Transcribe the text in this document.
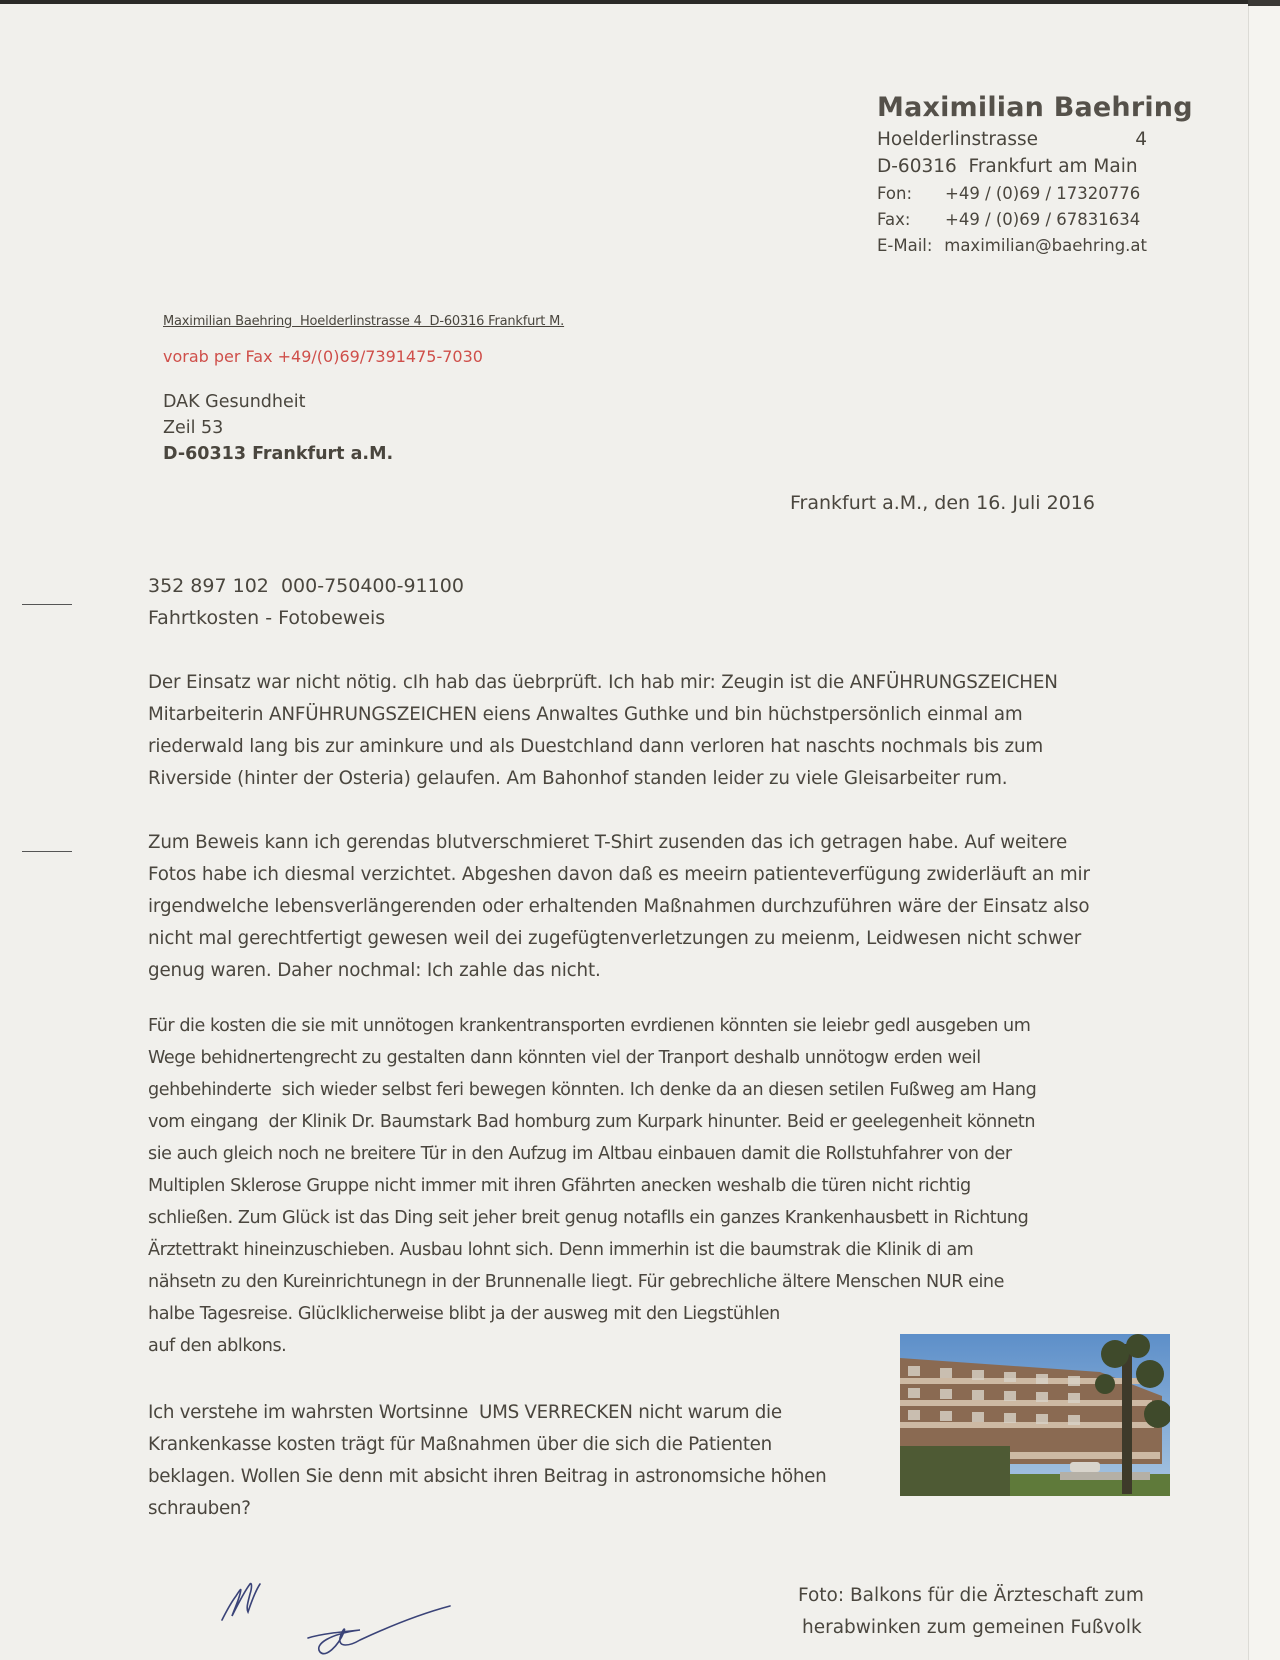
Maximilian Baehring
Hoelderlinstrasse	4
D-60316  Frankfurt am Main
Fon:	+49 / (0)69 / 17320776
Fax:	+49 / (0)69 / 67831634
E-Mail: maximilian@baehring.at
Maximilian Baehring  Hoelderlinstrasse 4  D-60316 Frankfurt M.
vorab per Fax +49/(0)69/7391475-7030
DAK Gesundheit
Zeil 53
D-60313 Frankfurt a.M.
Frankfurt a.M., den 16. Juli 2016
352 897 102  000-750400-91100
Fahrtkosten - Fotobeweis
Der Einsatz war nicht nötig. cIh hab das üebrprüft. Ich hab mir: Zeugin ist die ANFÜHRUNGSZEICHEN
Mitarbeiterin ANFÜHRUNGSZEICHEN eiens Anwaltes Guthke und bin hüchstpersönlich einmal am
riederwald lang bis zur aminkure und als Duestchland dann verloren hat naschts nochmals bis zum
Riverside (hinter der Osteria) gelaufen. Am Bahonhof standen leider zu viele Gleisarbeiter rum.
Zum Beweis kann ich gerendas blutverschmieret T-Shirt zusenden das ich getragen habe. Auf weitere
Fotos habe ich diesmal verzichtet. Abgeshen davon daß es meeirn patienteverfügung zwiderläuft an mir
irgendwelche lebensverlängerenden oder erhaltenden Maßnahmen durchzuführen wäre der Einsatz also
nicht mal gerechtfertigt gewesen weil dei zugefügtenverletzungen zu meienm, Leidwesen nicht schwer
genug waren. Daher nochmal: Ich zahle das nicht.
Für die kosten die sie mit unnötogen krankentransporten evrdienen könnten sie leiebr gedl ausgeben um
Wege behidnertengrecht zu gestalten dann könnten viel der Tranport deshalb unnötogw erden weil
gehbehinderte  sich wieder selbst feri bewegen könnten. Ich denke da an diesen setilen Fußweg am Hang
vom eingang  der Klinik Dr. Baumstark Bad homburg zum Kurpark hinunter. Beid er geelegenheit könnetn
sie auch gleich noch ne breitere Tür in den Aufzug im Altbau einbauen damit die Rollstuhfahrer von der
Multiplen Sklerose Gruppe nicht immer mit ihren Gfährten anecken weshalb die türen nicht richtig
schließen. Zum Glück ist das Ding seit jeher breit genug notaflls ein ganzes Krankenhausbett in Richtung
Ärztettrakt hineinzuschieben. Ausbau lohnt sich. Denn immerhin ist die baumstrak die Klinik di am
nähsetn zu den Kureinrichtunegn in der Brunnenalle liegt. Für gebrechliche ältere Menschen NUR eine
halbe Tagesreise. Glüclklicherweise blibt ja der ausweg mit den Liegstühlen
auf den ablkons.
Ich verstehe im wahrsten Wortsinne  UMS VERRECKEN nicht warum die
Krankenkasse kosten trägt für Maßnahmen über die sich die Patienten
beklagen. Wollen Sie denn mit absicht ihren Beitrag in astronomsiche höhen
schrauben?
Foto: Balkons für die Ärzteschaft zum
herabwinken zum gemeinen Fußvolk
